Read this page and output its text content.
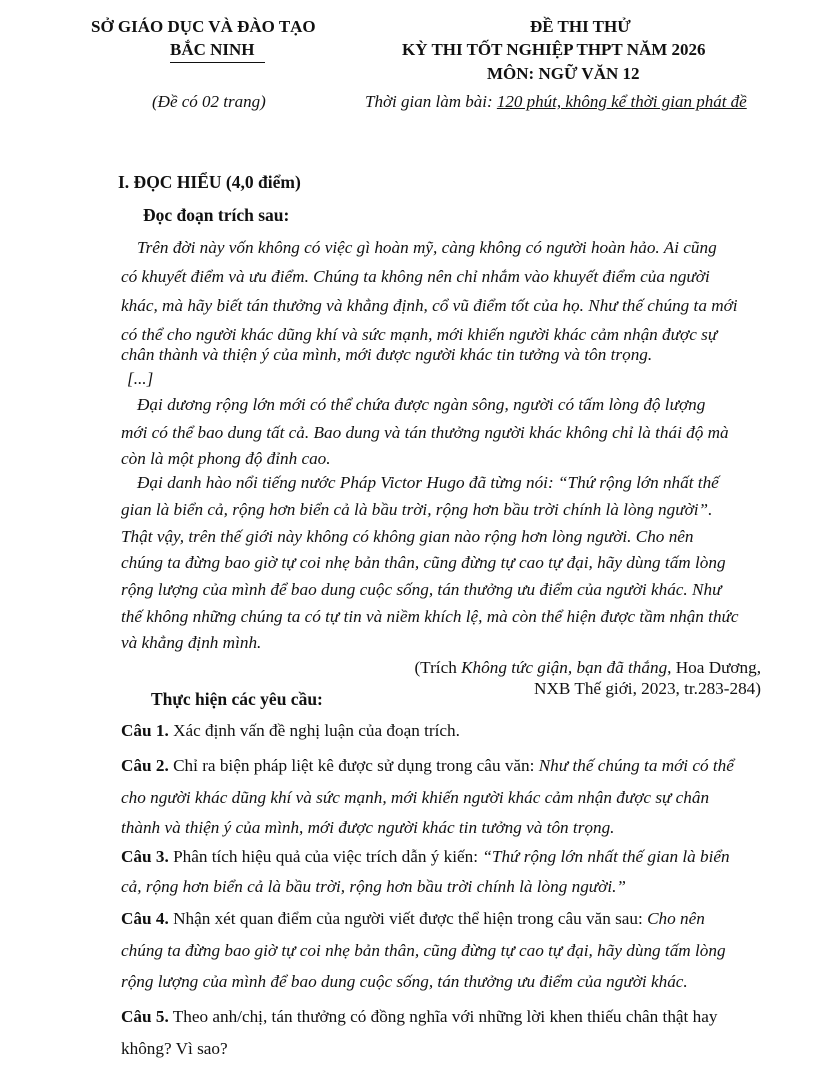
SỞ GIÁO DỤC VÀ ĐÀO TẠO
BẮC NINH
(Đề có 02 trang)
ĐỀ THI THỬ
KỲ THI TỐT NGHIỆP THPT NĂM 2026
MÔN: NGỮ VĂN 12
Thời gian làm bài: 120 phút, không kể thời gian phát đề
I. ĐỌC HIỂU (4,0 điểm)
Đọc đoạn trích sau:
Trên đời này vốn không có việc gì hoàn mỹ, càng không có người hoàn hảo. Ai cũng
có khuyết điểm và ưu điểm. Chúng ta không nên chỉ nhắm vào khuyết điểm của người
khác, mà hãy biết tán thưởng và khẳng định, cổ vũ điểm tốt của họ. Như thế chúng ta mới
có thể cho người khác dũng khí và sức mạnh, mới khiến người khác cảm nhận được sự
chân thành và thiện ý của mình, mới được người khác tin tưởng và tôn trọng.
[...]
Đại dương rộng lớn mới có thể chứa được ngàn sông, người có tấm lòng độ lượng
mới có thể bao dung tất cả. Bao dung và tán thưởng người khác không chỉ là thái độ mà
còn là một phong độ đỉnh cao.
Đại danh hào nổi tiếng nước Pháp Victor Hugo đã từng nói: “Thứ rộng lớn nhất thế
gian là biển cả, rộng hơn biển cả là bầu trời, rộng hơn bầu trời chính là lòng người”.
Thật vậy, trên thế giới này không có không gian nào rộng hơn lòng người. Cho nên
chúng ta đừng bao giờ tự coi nhẹ bản thân, cũng đừng tự cao tự đại, hãy dùng tấm lòng
rộng lượng của mình để bao dung cuộc sống, tán thưởng ưu điểm của người khác. Như
thế không những chúng ta có tự tin và niềm khích lệ, mà còn thể hiện được tầm nhận thức
và khẳng định mình.
(Trích Không tức giận, bạn đã thắng, Hoa Dương,
NXB Thế giới, 2023, tr.283-284)
Thực hiện các yêu cầu:
Câu 1. Xác định vấn đề nghị luận của đoạn trích.
Câu 2. Chỉ ra biện pháp liệt kê được sử dụng trong câu văn: Như thế chúng ta mới có thể
cho người khác dũng khí và sức mạnh, mới khiến người khác cảm nhận được sự chân
thành và thiện ý của mình, mới được người khác tin tưởng và tôn trọng.
Câu 3. Phân tích hiệu quả của việc trích dẫn ý kiến: “Thứ rộng lớn nhất thế gian là biển
cả, rộng hơn biển cả là bầu trời, rộng hơn bầu trời chính là lòng người.”
Câu 4. Nhận xét quan điểm của người viết được thể hiện trong câu văn sau: Cho nên
chúng ta đừng bao giờ tự coi nhẹ bản thân, cũng đừng tự cao tự đại, hãy dùng tấm lòng
rộng lượng của mình để bao dung cuộc sống, tán thưởng ưu điểm của người khác.
Câu 5. Theo anh/chị, tán thưởng có đồng nghĩa với những lời khen thiếu chân thật hay
không? Vì sao?
